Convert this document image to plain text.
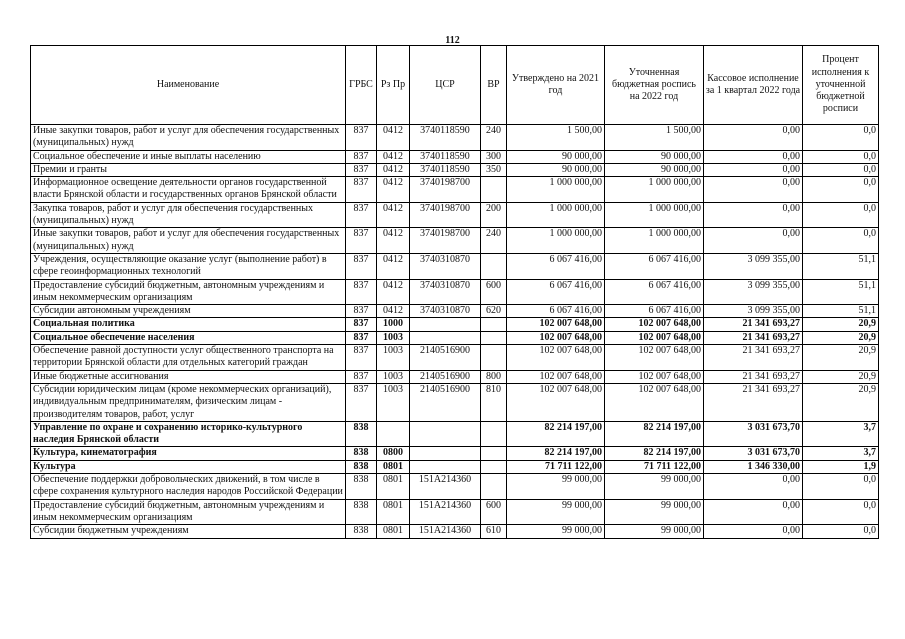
112
Наименование	ГРБС	Рз Пр	ЦСР	ВР	Утверждено на 2021 год	Уточненная бюджетная роспись на 2022 год	Кассовое исполнение за 1 квартал 2022 года	Процент исполнения к уточненной бюджетной росписи
Иные закупки товаров, работ и услуг для обеспечения государственных (муниципальных) нужд	837	0412	3740118590	240	1 500,00	1 500,00	0,00	0,0
Социальное обеспечение и иные выплаты населению	837	0412	3740118590	300	90 000,00	90 000,00	0,00	0,0
Премии и гранты	837	0412	3740118590	350	90 000,00	90 000,00	0,00	0,0
Информационное освещение деятельности органов государственной власти Брянской области и государственных органов Брянской области	837	0412	3740198700		1 000 000,00	1 000 000,00	0,00	0,0
Закупка товаров, работ и услуг для обеспечения государственных (муниципальных) нужд	837	0412	3740198700	200	1 000 000,00	1 000 000,00	0,00	0,0
Иные закупки товаров, работ и услуг для обеспечения государственных (муниципальных) нужд	837	0412	3740198700	240	1 000 000,00	1 000 000,00	0,00	0,0
Учреждения, осуществляющие оказание услуг (выполнение работ) в сфере геоинформационных технологий	837	0412	3740310870		6 067 416,00	6 067 416,00	3 099 355,00	51,1
Предоставление субсидий бюджетным, автономным учреждениям и иным некоммерческим организациям	837	0412	3740310870	600	6 067 416,00	6 067 416,00	3 099 355,00	51,1
Субсидии автономным учреждениям	837	0412	3740310870	620	6 067 416,00	6 067 416,00	3 099 355,00	51,1
Социальная политика	837	1000			102 007 648,00	102 007 648,00	21 341 693,27	20,9
Социальное обеспечение населения	837	1003			102 007 648,00	102 007 648,00	21 341 693,27	20,9
Обеспечение равной доступности услуг общественного транспорта на территории Брянской области для отдельных категорий граждан	837	1003	2140516900		102 007 648,00	102 007 648,00	21 341 693,27	20,9
Иные бюджетные ассигнования	837	1003	2140516900	800	102 007 648,00	102 007 648,00	21 341 693,27	20,9
Субсидии юридическим лицам (кроме некоммерческих организаций), индивидуальным предпринимателям, физическим лицам - производителям товаров, работ, услуг	837	1003	2140516900	810	102 007 648,00	102 007 648,00	21 341 693,27	20,9
Управление по охране и сохранению историко-культурного наследия Брянской области	838				82 214 197,00	82 214 197,00	3 031 673,70	3,7
Культура, кинематография	838	0800			82 214 197,00	82 214 197,00	3 031 673,70	3,7
Культура	838	0801			71 711 122,00	71 711 122,00	1 346 330,00	1,9
Обеспечение поддержки добровольческих движений, в том числе в сфере сохранения культурного наследия народов Российской Федерации	838	0801	151A214360		99 000,00	99 000,00	0,00	0,0
Предоставление субсидий бюджетным, автономным учреждениям и иным некоммерческим организациям	838	0801	151A214360	600	99 000,00	99 000,00	0,00	0,0
Субсидии бюджетным учреждениям	838	0801	151A214360	610	99 000,00	99 000,00	0,00	0,0
